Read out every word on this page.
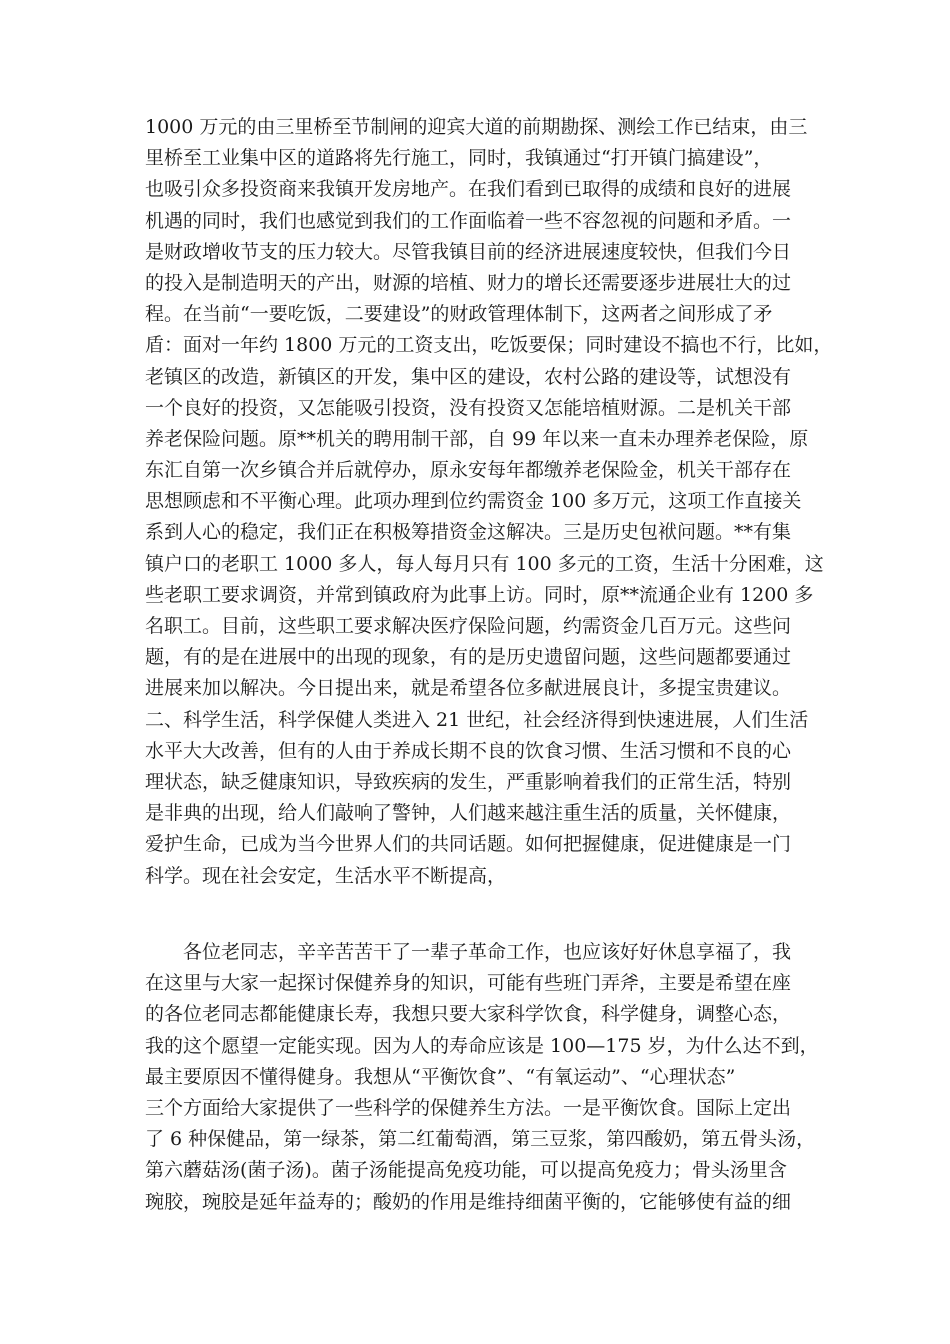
1000 万元的由三里桥至节制闸的迎宾大道的前期勘探、测绘工作已结束，由三
里桥至工业集中区的道路将先行施工，同时，我镇通过“打开镇门搞建设”，
也吸引众多投资商来我镇开发房地产。在我们看到已取得的成绩和良好的进展
机遇的同时，我们也感觉到我们的工作面临着一些不容忽视的问题和矛盾。一
是财政增收节支的压力较大。尽管我镇目前的经济进展速度较快，但我们今日
的投入是制造明天的产出，财源的培植、财力的增长还需要逐步进展壮大的过
程。在当前“一要吃饭，二要建设”的财政管理体制下，这两者之间形成了矛
盾：面对一年约 1800 万元的工资支出，吃饭要保；同时建设不搞也不行，比如，
老镇区的改造，新镇区的开发，集中区的建设，农村公路的建设等，试想没有
一个良好的投资，又怎能吸引投资，没有投资又怎能培植财源。二是机关干部
养老保险问题。原**机关的聘用制干部，自 99 年以来一直未办理养老保险，原
东汇自第一次乡镇合并后就停办，原永安每年都缴养老保险金，机关干部存在
思想顾虑和不平衡心理。此项办理到位约需资金 100 多万元，这项工作直接关
系到人心的稳定，我们正在积极筹措资金这解决。三是历史包袱问题。**有集
镇户口的老职工 1000 多人，每人每月只有 100 多元的工资，生活十分困难，这
些老职工要求调资，并常到镇政府为此事上访。同时，原**流通企业有 1200 多
名职工。目前，这些职工要求解决医疗保险问题，约需资金几百万元。这些问
题，有的是在进展中的出现的现象，有的是历史遗留问题，这些问题都要通过
进展来加以解决。今日提出来，就是希望各位多献进展良计，多提宝贵建议。
二、科学生活，科学保健人类进入 21 世纪，社会经济得到快速进展，人们生活
水平大大改善，但有的人由于养成长期不良的饮食习惯、生活习惯和不良的心
理状态，缺乏健康知识，导致疾病的发生，严重影响着我们的正常生活，特别
是非典的出现，给人们敲响了警钟，人们越来越注重生活的质量，关怀健康，
爱护生命，已成为当今世界人们的共同话题。如何把握健康，促进健康是一门
科学。现在社会安定，生活水平不断提高，
各位老同志，辛辛苦苦干了一辈子革命工作，也应该好好休息享福了，我
在这里与大家一起探讨保健养身的知识，可能有些班门弄斧，主要是希望在座
的各位老同志都能健康长寿，我想只要大家科学饮食，科学健身，调整心态，
我的这个愿望一定能实现。因为人的寿命应该是 100—175 岁，为什么达不到，
最主要原因不懂得健身。我想从“平衡饮食”、“有氧运动”、“心理状态”
三个方面给大家提供了一些科学的保健养生方法。一是平衡饮食。国际上定出
了 6 种保健品，第一绿茶，第二红葡萄酒，第三豆浆，第四酸奶，第五骨头汤，
第六蘑菇汤(菌子汤)。菌子汤能提高免疫功能，可以提高免疫力；骨头汤里含
琬胶，琬胶是延年益寿的；酸奶的作用是维持细菌平衡的，它能够使有益的细
